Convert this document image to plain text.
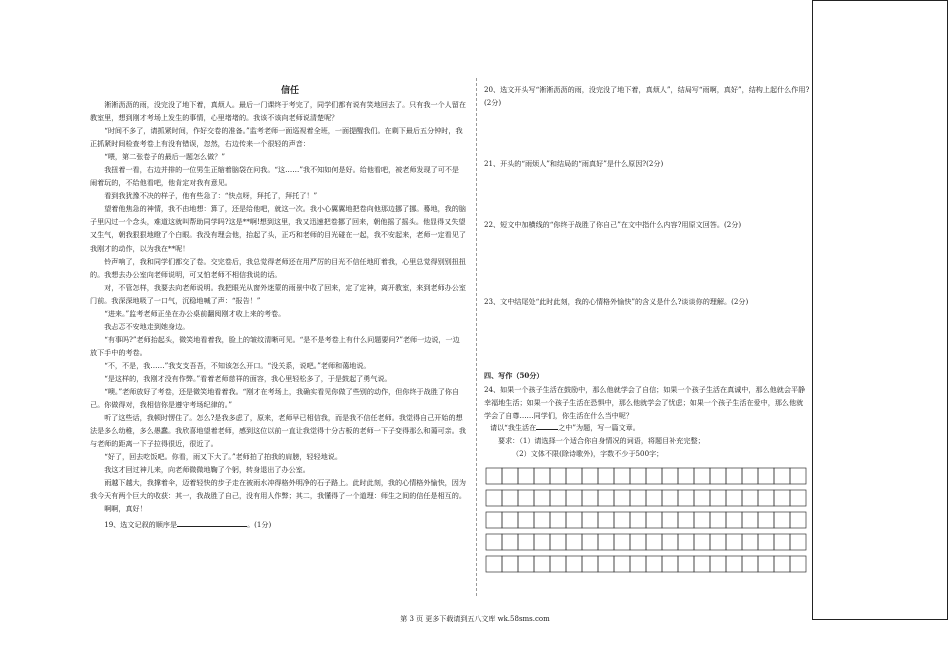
信任

淅淅沥沥的雨，没完没了地下着，真烦人。最后一门课终于考完了，同学们都有说有笑地回去了。只有我一个人留在教室里，想到刚才考场上发生的事情，心里堵堵的。我该不该向老师说清楚呢？

“时间不多了，请抓紧时间，作好交卷的准备。”监考老师一面巡视着全班，一面提醒我们。在剩下最后五分钟时，我正抓紧时间检查考卷上有没有错误，忽然，右边传来一个很轻的声音：

“喂，第二张卷子的最后一题怎么做？”

我扭着一看，右边并排的一位男生正缩着脑袋在问我。“这……”我不知如何是好。给他看吧，被老师发现了可不是闹着玩的，不给他看吧，他肯定对我有意见。

看到我犹豫不决的样子，他有些急了：“快点呀，拜托了，拜托了！”

望着他焦急的神情，我不由地想：算了，还是给他吧，就这一次。我小心翼翼地把卷向他那边挪了挪。蓦地，我的脑子里闪过一个念头，难道这就叫帮助同学吗?这是**啊!想到这里，我又迅速把卷挪了回来，朝他摇了摇头。他显得又失望又生气，朝我狠狠地瞪了个白眼。我没有理会他，抬起了头，正巧和老师的目光碰在一起，我不安起来，老师一定看见了我刚才的动作，以为我在**呢！

铃声响了，我和同学们都交了卷。交完卷后，我总觉得老师还在用严厉的目光不信任地盯着我，心里总觉得别别扭扭的。我想去办公室向老师说明，可又怕老师不相信我说的话。

对，不管怎样，我要去向老师说明。我把眼光从窗外迷蒙的雨景中收了回来，定了定神，离开教室，来到老师办公室门前。我深深地吸了一口气，沉稳地喊了声：“报告！”

“进来。”监考老师正坐在办公桌前翻阅刚才收上来的考卷。

我忐忑不安地走到她身边。

“有事吗?”老师抬起头，微笑地看着我，脸上的皱纹清晰可见。“是不是考卷上有什么问题要问?”老师一边说，一边放下手中的考卷。

“不，不是，我……”我支支吾吾，不知该怎么开口。“没关系，说吧。”老师和蔼地说。

“是这样的，我刚才没有作弊。”看着老师慈祥的面容，我心里轻松多了，于是鼓起了勇气说。

“噢。”老师放好了考卷，还是微笑地看着我。“刚才在考场上，我确实看见你做了些别的动作，但你终于战胜了你自己。你做得对，我相信你是遵守考场纪律的。”

听了这些话，我顿时愣住了。怎么?是我多虑了，原来，老师早已相信我，而是我不信任老师。我觉得自己开始的想法是多么幼稚，多么愚蠢。我欣喜地望着老师，感到这位以前一直让我觉得十分古板的老师一下子变得那么和蔼可亲。我与老师的距离一下子拉得很近，很近了。

“好了，回去吃饭吧。你看，雨又下大了。”老师拍了拍我的肩膀，轻轻地说。

我这才回过神儿来，向老师微微地鞠了个躬，转身退出了办公室。

雨越下越大，我撑着伞，迈着轻快的步子走在被雨水冲得格外明净的石子路上。此时此刻，我的心情格外愉快，因为我今天有两个巨大的收获：其一，我战胜了自己，没有用人作弊；其二，我懂得了一个道理：师生之间的信任是相互的。

啊啊，真好！

19、选文记叙的顺序是	。(1分)

20、选文开头写“淅淅沥沥的雨，没完没了地下着，真烦人”，结局写“雨啊，真好”，结构上起什么作用?(2分)
21、开头的“雨烦人”和结局的“雨真好”是什么原因?(2分)
22、短文中加横线的“你终于战胜了你自己”在文中指什么内容?用原文回答。(2分)
23、文中结尾处“此时此刻，我的心情格外愉快”的含义是什么?谈谈你的理解。(2分)
四、写作（50分）
24、如果一个孩子生活在鼓励中，那么他就学会了自信；如果一个孩子生活在真诚中，那么他就会平静幸福地生活；如果一个孩子生活在恐惧中，那么他就学会了忧虑；如果一个孩子生活在爱中，那么他就学会了自尊……同学们，你生活在什么当中呢？
请以“我生活在	之中”为题，写一篇文章。
要求：（1）请选择一个适合你自身情况的词语，将题目补充完整；
（2）文体不限(除诗歌外)，字数不少于500字；
第 3 页 更多下载请到五八文库 wk.58sms.com
